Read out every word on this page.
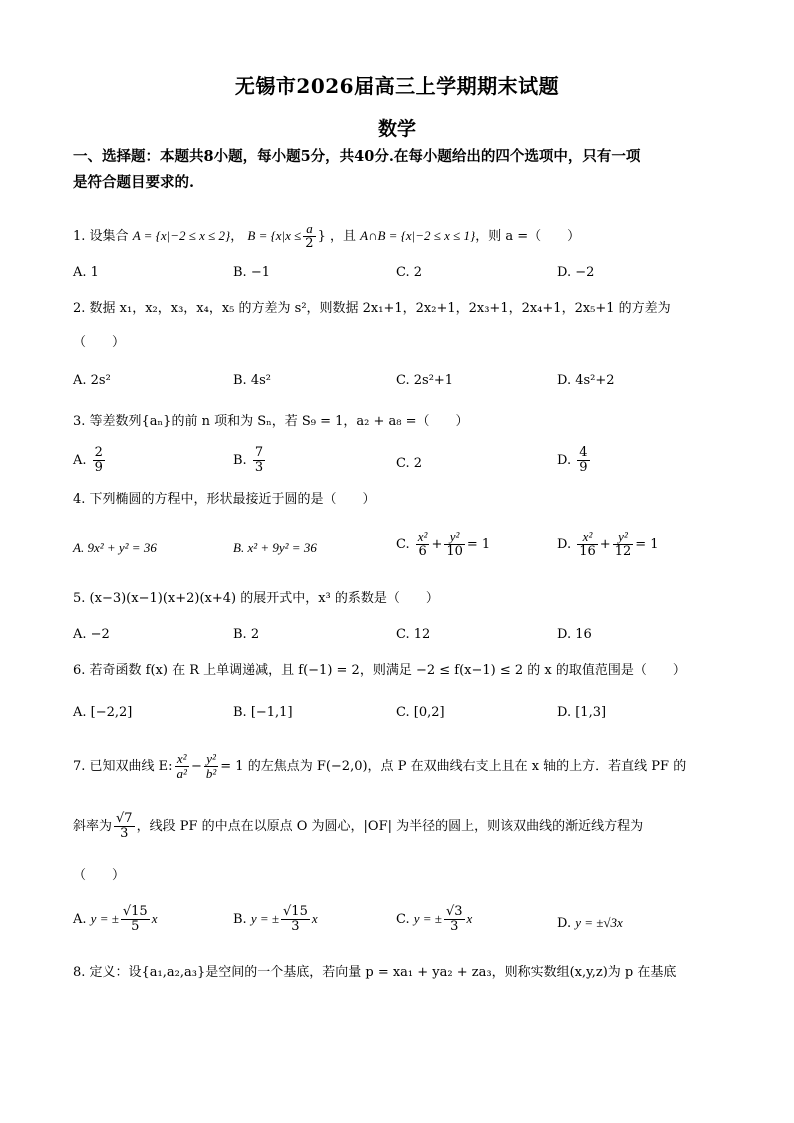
无锡市2026届高三上学期期末试题
数学
一、选择题：本题共8小题，每小题5分，共40分.在每小题给出的四个选项中，只有一项
是符合题目要求的.
1. 设集合 A = {x|−2 ≤ x ≤ 2}， $B = \{x|x \le \frac{a}{2}$ } ，且 A∩B = {x|−2 ≤ x ≤ 1}，则 a =（　　）
A. 1	B. −1	C. 2	D. −2
2. 数据 x₁，x₂，x₃，x₄，x₅ 的方差为 s²，则数据 2x₁+1，2x₂+1，2x₃+1，2x₄+1，2x₅+1 的方差为
（　　）
A. 2s²	B. 4s²	C. 2s²+1	D. 4s²+2
3. 等差数列{aₙ}的前 n 项和为 Sₙ，若 S₉ = 1，a₂ + a₈ =（　　）
A. $\frac{2}{9}$	B. $\frac{7}{3}$	C. 2	D. $\frac{4}{9}$
4. 下列椭圆的方程中，形状最接近于圆的是（　　）
A. 9x² + y² = 36	B. x² + 9y² = 36	C. $\frac{\text{x²}}{6} + \frac{\text{y²}}{10} = 1$	D. $\frac{\text{x²}}{16} + \frac{\text{y²}}{12} = 1$
5. (x−3)(x−1)(x+2)(x+4) 的展开式中，x³ 的系数是（　　）
A. −2	B. 2	C. 12	D. 16
6. 若奇函数 f(x) 在 R 上单调递减，且 f(−1) = 2，则满足 −2 ≤ f(x−1) ≤ 2 的 x 的取值范围是（　　）
A. [−2,2]	B. [−1,1]	C. [0,2]	D. [1,3]
7. 已知双曲线 E: $\frac{\text{x²}}{\text{a²}} - \frac{\text{y²}}{\text{b²}} = 1$ 的左焦点为 F(−2,0)，点 P 在双曲线右支上且在 x 轴的上方．若直线 PF 的
斜率为 $\frac{√7}{3}$ ，线段 PF 的中点在以原点 O 为圆心，|OF| 为半径的圆上，则该双曲线的渐近线方程为
（　　）
A. y = ± $\frac{√15}{5}$ x	B. y = ± $\frac{√15}{3}$ x	C. y = ± $\frac{√3}{3}$ x	D. y = ±√3x
8. 定义：设{a₁,a₂,a₃}是空间的一个基底，若向量 p = xa₁ + ya₂ + za₃，则称实数组(x,y,z)为 p 在基底
